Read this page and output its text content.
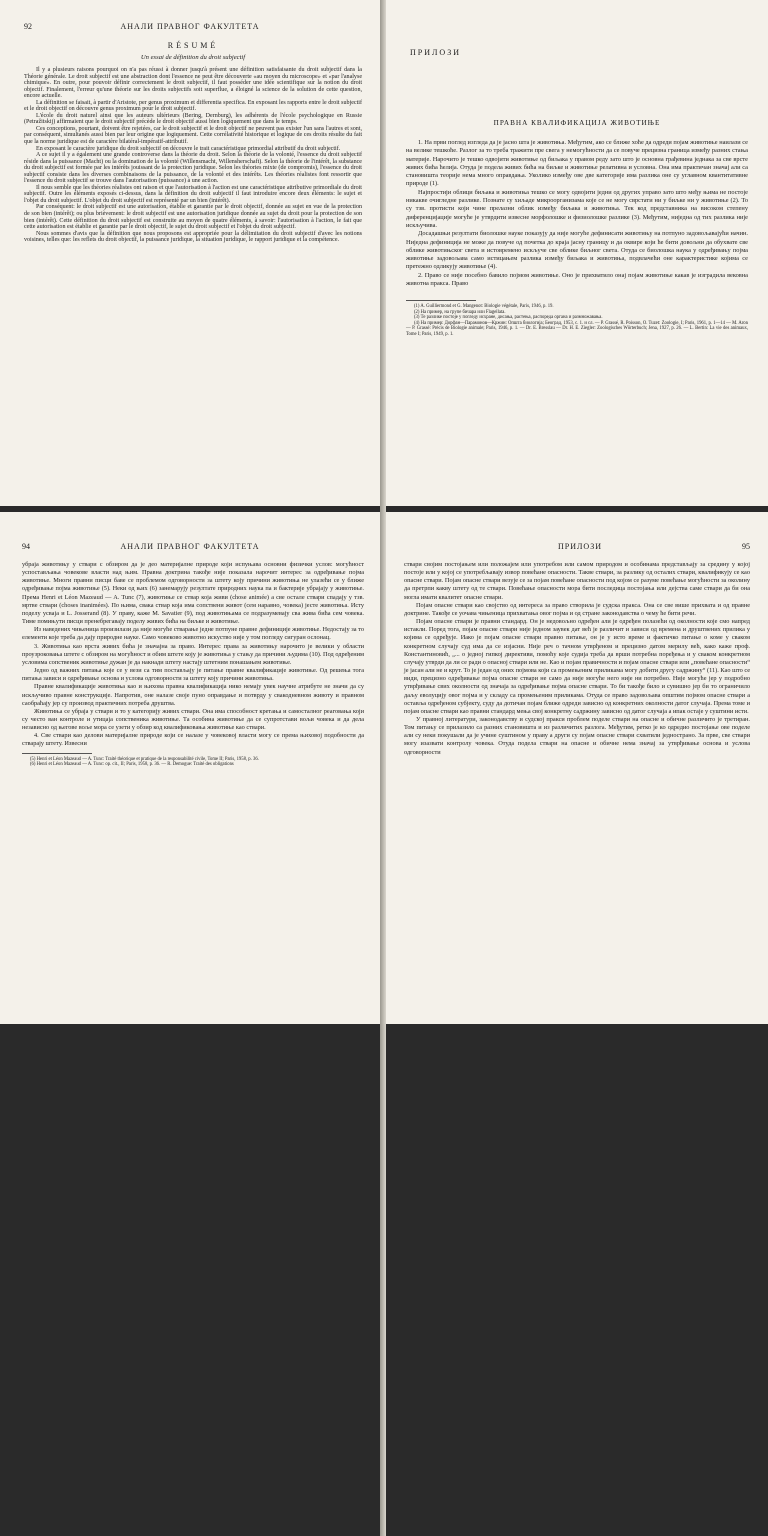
92	АНАЛИ ПРАВНОГ ФАКУЛТЕТА
RÉSUMÉ
Un essai de définition du droit subjectif

Il y a plusieurs raisons pourquoi on n'a pas réussi à donner jusqu'à présent une définition satisfaisante du droit subjectif dans la Théorie générale. Le droit subjectif est une abstraction dont l'essence ne peut être découverte «au moyen du microscope» et «par l'analyse chimique». En outre, pour pouvoir définir correctement le droit subjectif, il faut posséder une idée scientifique sur la notion du droit objectif. Finalement, l'erreur qu'une théorie sur les droits subjectifs soit superflue, a éloigné la science de la solution de cette question, encore actuelle.

La définition se faisait, à partir d'Aristote, per genus proximum et differentia specifica. En exposant les rapports entre le droit subjectif et le droit objectif on découvre genus proximum pour le droit subjectif.

L'école du droit naturel ainsi que les auteurs ultérieurs (Bering, Dernburg), les adhérents de l'école psychologique en Russie (Petražitskij) affirmaient que le droit subjectif précède le droit objectif aussi bien logiquement que dans le temps.

Ces conceptions, pourtant, doivent être rejetées, car le droit subjectif et le droit objectif ne peuvent pas exister l'un sans l'autres et sont, par conséquent, simultanés aussi bien par leur origine que logiquement. Cette corrélativité historique et logique de ces droits résulte du fait que la norme juridique est de caractère bilatéral-impératif-attributif.

En exposant le caractère juridique du droit subjectif on découvre le trait caractéristique primordial attributif du droit subjectif.

A ce sujet il y a également une grande controverse dans la théorie du droit. Selon la théorie de la volonté, l'essence du droit subjectif réside dans la puissance (Macht) ou la domination de la volonté (Willensmacht, Willensherschaft). Selon la théorie de l'intérêt, la substance du droit subjectif est formée par les intérêts jouissant de la protection juridique. Selon les théories mixte (de compromis), l'essence du droit subjectif consiste dans les diverses combinaisons de la puissance, de la volonté et des intérêts. Les théories réalistes font ressortir que l'essence du droit subjectif se trouve dans l'autorisation (puissance) à une action.

Il nous semble que les théories réalistes ont raison et que l'autorisation à l'action est une caractéristique attributive primordiale du droit subjectif. Outre les éléments exposés ci-dessus, dans la définition du droit subjectif il faut introduire encore deux éléments: le sujet et l'objet du droit subjectif. L'objet du droit subjectif est représenté par un bien (intérêt).

Par conséquent: le droit subjectif est une autorisation, établie et garantie par le droit objectif, donnée au sujet en vue de la protection de son bien (intérêt); ou plus brièvement: le droit subjectif est une autorisation juridique donnée au sujet du droit pour la protection de son bien (intérêt). Cette définition du droit subjectif est construite au moyen de quatre éléments, à savoir: l'autorisation à l'action, le fait que cette autorisation est établie et garantie par le droit objectif, le sujet du droit subjectif et l'objet du droit subjectif.

Nous sommes d'avis que la définition que nous proposons est appropriée pour la délimitation du droit subjectif d'avec les notions voisines, telles que: les reflets du droit objectif, la puissance juridique, la situation juridique, le rapport juridique et la compétence.

ПРИЛОЗИ
ПРАВНА КВАЛИФИКАЦИЈА ЖИВОТИЊЕ

1. На први поглед изгледа да је јасно шта је животиња. Међутим, ако се ближе хоће да одреди појам животиње наилази се на велике тешкоће. Разлог за то треба тражити пре свега у немогућности да се повуче прецизна граница између разних стања материје. Нарочито је тешко одвојити животиње од биљака у правом реду зато што је основна грађевина једнака за све врсте живих бића ћелија. Отуда је подела живих бића на биљке и животиње релативна и условна. Она има практичан значај али са становишта теорије нема много оправдања. Уколико између ове две категорије има разлика оне су углавном квантитативне природе (1).

Најпростији облици биљака и животиња тешко се могу одвојити једни од других управо зато што међу њима не постоје никакве очигледне разлике. Познате су хиљаде микроорганизама које се не могу сврстати ни у биљке ни у животиње (2). То су тзв. протисти који чине прелазни облик између биљака и животиња. Тек код представника на високом степену диференцијације могуће је утврдити извесне морфолошке и физиолошке разлике (3). Међутим, ниједна од тих разлика није искључива.

Досадашњи резултати биолошке науке показују да није могуће дефинисати животињу на потпуно задовољавајући начин. Ниједна дефиниција не може да повуче од почетка до краја јасну границу и да оквире који ће бити довољни да обухвате све облике животињског света и истовремено искључе све облике биљног света. Отуда се биолошка наука у одређивању појма животиње задовољава само истицањем разлика између биљака и животиња, подвлачећи оне карактеристике којима се претежно одликују животиње (4).

2. Право се није посебно бавило појмом животиње. Оно је прихватило онај појам животиње какав је изградила вековна животна пракса. Право

(1) A. Guilliermond et G. Mangenot: Biologie végétale, Paris, 1946, p. 19.

(2) На пример, на групе бичара или Flagellata.

(3) Те разлике постоје у погледу исхране, дисања, растења, распореда органа и размножавања.

(4) На пример: Дорфан—Парамонов—Кржин: Општа биологија; Београд, 1953, с. 1. и сл. — P. Grassé, R. Poisson, O. Tuzet: Zoologie, I; Paris, 1961, p. 1—14 — M. Aron — P. Grassé: Précis de Biologie animale; Paris, 1946, p. 1. — Dr. E. Bresslau — Dr. H. E. Ziegler: Zoologisches Wörterbuch; Jena, 1927, p. 26. — L. Bertin: La vie des animaux, Tome I; Paris, 1949, p. 1.

94	АНАЛИ ПРАВНОГ ФАКУЛТЕТА

убраја животињу у ствари с обзиром да је део материјалне природе који испуњава основни физички услов: могућност успостављања човекове власти над њим. Правна доктрина такође није показала нарочит интерес за одређивање појма животиње. Многи правни писци баве се проблемом одговорности за штету коју причини животиња не улазећи се у ближе одређивање појма животиње (5). Неки од њих (6) занемарују резултате природних наука па и бактерије убрајају у животиње. Према Henri et Léon Mazeaud — A. Tunc (7), животиње се ствар која живи (chose animée) а све остале ствари спадају у тзв. мртве ствари (choses inanimées). По њима, свака ствар која има сопствени живот (сем наравно, човека) јесте животиња. Исту поделу усваја и L. Josserand (8). У праву, каже М. Savatier (9), под животињама се подразумевају сва жива бића сем човека. Тиме помињути писци пренебрегавају поделу живих бића на биљке и животиње.

Из наведених чињеница произилази да није могуће стварање једне потпуне правне дефиниције животиње. Недостају за то елементи које треба да дају природне науке. Само човеково животно искуство није у том погледу сигуран ослонац.

3. Животиња као врста живих бића је значајна за право. Интерес права за животињу нарочито је велики у области проузроковања штете с обзиром на могућност и обим штете коју је животиња у стању да причини људима (10). Под одређеним условима сопственик животиње дужан је да накнади штету настају штетним понашањем животиње.

Једно од важних питања које се у вези са тим постављају је питање правне квалификације животиње. Од решења тога питања зависи и одређивање основа и услова одговорности за штету коју причини животиња.

Правне квалификације животиња као и њихова правна квалификација нико немају увек научне атрибуте не значи да су искључиво правне конструкције. Напротив, оне налазе своје пуно оправдање и потврду у свакодневном животу и правном саобраћају јер су производ практичних потреба друштва.

Животиња се убраја у ствари и то у категорију живих ствари. Она има способност кретања и самосталног реаговања који су често ван контроле и утицаја сопственика животиње. Та особина животиње да се супротстави вољи човека и да дела независно од његове воље мора се узети у обзир код квалификовања животиње као ствари.

4. Све ствари као делови материјалне природе који се налазе у човековој власти могу се према њиховој подобности да стварају штету. Извесни

(5) Henri et Léon Mazeaud — A. Tunc: Traité théorique et pratique de la responsabilité civile, Tome II; Paris, 1958, p. 36.

(6) Henri et Léon Mazeaud — A. Tunc: op. cit., II; Paris, 1958, p. 36. — R. Demogue: Traité des obligations

ПРИЛОЗИ	95

ствари својим постојањем или положајем или употребом или самом природом и особинама представљају за средину у којој постоје или у којој се употребљавају извор повећане опасности. Такве ствари, за разлику од осталих ствари, квалификују се као опасне ствари. Појам опасне ствари везује се за појам повећане опасности под којом се разуме повећање могућности за околину да претрпи какву штету од те ствари. Повећање опасности мора бити последица постојања или дејства саме ствари да би она могла имати квалитет опасне ствари.

Појам опасне ствари као својство од интереса за право створила је судска пракса. Она се све више прихвата и од правне доктрине. Такође се уочава чињеница прихватања овог појма и од стране законодавства о чему ће бити речи.

Појам опасне ствари је правни стандард. Он је недовољно одређен али је одређен полазећи од околности које смо напред истакли. Поред тога, појам опасне ствари није једном заувек дат већ је различит и зависи од времена и друштвених прилика у којима се одређује. Иако је појам опасне ствари правно питање, он је у исто време и фактичко питање о коме у сваком конкретном случају суд има да се изјасни. Није реч о тачном утврђеном и прецизно датом мерилу већ, како каже проф. Константиновић, „... о једној гипкој директиви, помоћу које судија треба да врши потребна поређења и у сваком конкретном случају утврди да ли се ради о опасној ствари или не. Као и појам правичности и појам опасне ствари или „повећане опасности“ је јасан али не и крут. То је један од оних појмова који са промењеним приликама могу добити другу садржину“ (11). Као што се види, прецизно одређивање појма опасне ствари не само да није могуће него није ни потребно. Није могуће јер у подробно утврђивање свих околности од значаја за одређивање појма опасне ствари. То би такође било и сувишно јер би то ограничило даљу еволуцију овог појма и у складу са промењеним приликама. Отуда се право задовољава општим појмом опасне ствари а оставља одређеном субјекту, суду да дотичан појам ближе одреди зависно од конкретних околности датог случаја. Према томе и појам опасне ствари као правни стандард мења свој конкретну садржину зависно од датог случаја а ипак остаје у суштини исти.

У правној литератури, законодавству и судској пракси проблем поделе ствари на опасне и обичне различито је третиран. Том питању се прилазило са разних становишта и из различитих разлога. Међутим, ретко је ко одредио постојање ове поделе али су неки покушали да је учине суштином у праву а други су појам опасне ствари схватили једнострано. За прве, све ствари могу изазвати контролу човека. Отуда подела ствари на опасне и обичне нема значај за утврђивање основа и услова одговорности
